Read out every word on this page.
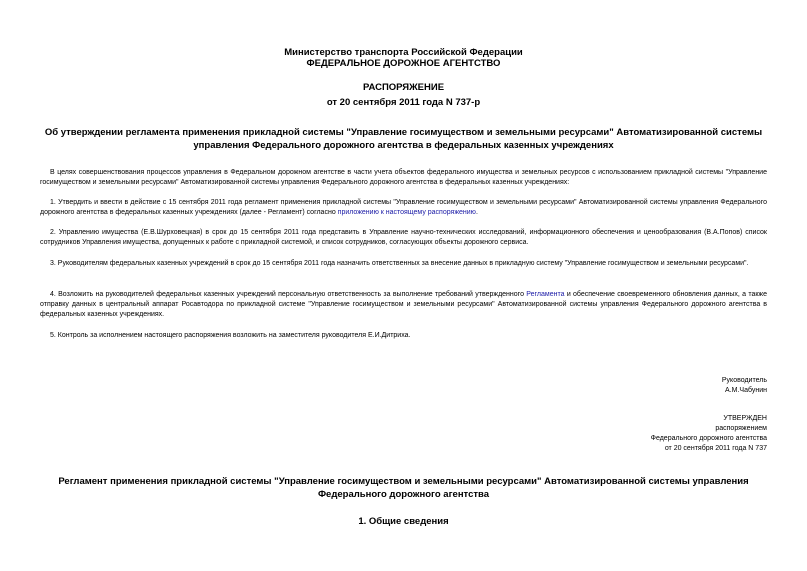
Министерство транспорта Российской Федерации
ФЕДЕРАЛЬНОЕ ДОРОЖНОЕ АГЕНТСТВО
РАСПОРЯЖЕНИЕ
от 20 сентября 2011 года N 737-р
Об утверждении регламента применения прикладной системы "Управление госимуществом и земельными ресурсами" Автоматизированной системы управления Федерального дорожного агентства в федеральных казенных учреждениях
В целях совершенствования процессов управления в Федеральном дорожном агентстве в части учета объектов федерального имущества и земельных ресурсов с использованием прикладной системы "Управление госимуществом и земельными ресурсами" Автоматизированной системы управления Федерального дорожного агентства в федеральных казенных учреждениях:
1. Утвердить и ввести в действие с 15 сентября 2011 года регламент применения прикладной системы "Управление госимуществом и земельными ресурсами" Автоматизированной системы управления Федерального дорожного агентства в федеральных казенных учреждениях (далее - Регламент) согласно приложению к настоящему распоряжению.
2. Управлению имущества (Е.В.Шурховецкая) в срок до 15 сентября 2011 года представить в Управление научно-технических исследований, информационного обеспечения и ценообразования (В.А.Попов) список сотрудников Управления имущества, допущенных к работе с прикладной системой, и список сотрудников, согласующих объекты дорожного сервиса.
3. Руководителям федеральных казенных учреждений в срок до 15 сентября 2011 года назначить ответственных за внесение данных в прикладную систему "Управление госимуществом и земельными ресурсами".
4. Возложить на руководителей федеральных казенных учреждений персональную ответственность за выполнение требований утвержденного Регламента и обеспечение своевременного обновления данных, а также отправку данных в центральный аппарат Росавтодора по прикладной системе "Управление госимуществом и земельными ресурсами" Автоматизированной системы управления Федерального дорожного агентства в федеральных казенных учреждениях.
5. Контроль за исполнением настоящего распоряжения возложить на заместителя руководителя Е.И.Дитриха.
Руководитель
А.М.Чабунин
УТВЕРЖДЕН
распоряжением
Федерального дорожного агентства
от 20 сентября 2011 года N 737
Регламент применения прикладной системы "Управление госимуществом и земельными ресурсами" Автоматизированной системы управления Федерального дорожного агентства
1. Общие сведения
